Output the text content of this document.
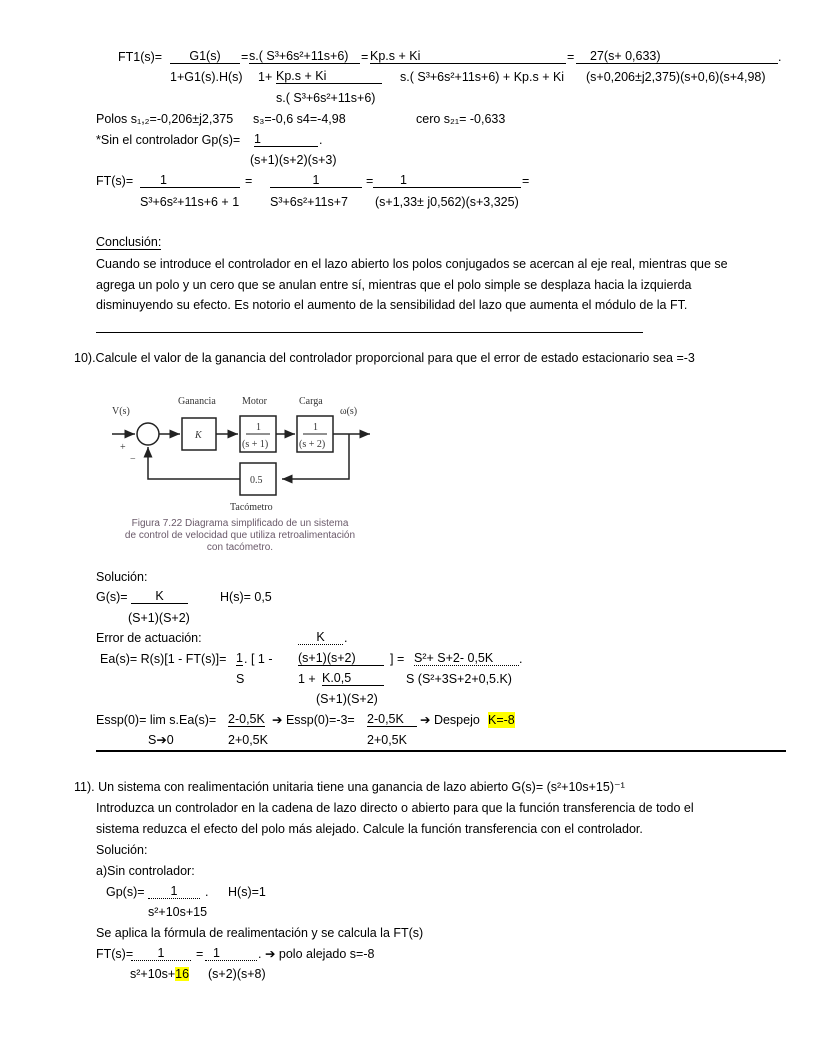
FT1(s)=	G1(s)	= s.( S³+6s²+11s+6)	= Kp.s + Ki	=	27(s+ 0,633)	.
1+G1(s).H(s) 1+ Kp.s + Ki	s.( S³+6s²+11s+6) + Kp.s + Ki (s+0,206±j2,375)(s+0,6)(s+4,98)
s.( S³+6s²+11s+6)
Polos s₁,₂=-0,206±j2,375 s₃=-0,6 s4=-4,98	cero s₂₁= -0,633
*Sin el controlador Gp(s)= 1	.
(s+1)(s+2)(s+3)
FT(s)=	1	=	1	=	1	=
S³+6s²+11s+6 + 1 S³+6s²+11s+7 (s+1,33± j0,562)(s+3,325)
Conclusión:
Cuando se introduce el controlador en el lazo abierto los polos conjugados se acercan al eje real, mientras que se
agrega un polo y un cero que se anulan entre sí, mientras que el polo simple se desplaza hacia la izquierda
disminuyendo su efecto. Es notorio el aumento de la sensibilidad del lazo que aumenta el módulo de la FT.
10).Calcule el valor de la ganancia del controlador proporcional para que el error de estado estacionario sea =-3
V(s)	ω(s)
+
−
Ganancia
K
Motor
1
(s + 1)
Carga
1
(s + 2)
0.5
Tacómetro
Figura 7.22 Diagrama simplificado de un sistema
de control de velocidad que utiliza retroalimentación
con tacómetro.
Solución:
G(s)=	K	H(s)= 0,5
(S+1)(S+2)
Error de actuación:	K	.
Ea(s)= R(s)[1 - FT(s)]= 1 . [ 1 - (s+1)(s+2)	] = S²+ S+2- 0,5K	.
S	1 + K.0,5	S (S²+3S+2+0,5.K)
(S+1)(S+2)
Essp(0)= lim s.Ea(s)= 2-0,5K ➔ Essp(0)=-3= 2-0,5K	➔ Despejo K=-8
S➔0	2+0,5K	2+0,5K
11). Un sistema con realimentación unitaria tiene una ganancia de lazo abierto G(s)= (s²+10s+15)⁻¹
Introduzca un controlador en la cadena de lazo directo o abierto para que la función transferencia de todo el
sistema reduzca el efecto del polo más alejado. Calcule la función transferencia con el controlador.
Solución:
a)Sin controlador:
Gp(s)=	1	. H(s)=1
s²+10s+15
Se aplica la fórmula de realimentación y se calcula la FT(s)
FT(s)=	1	= 1	. ➔ polo alejado s=-8
s²+10s+16 (s+2)(s+8)
